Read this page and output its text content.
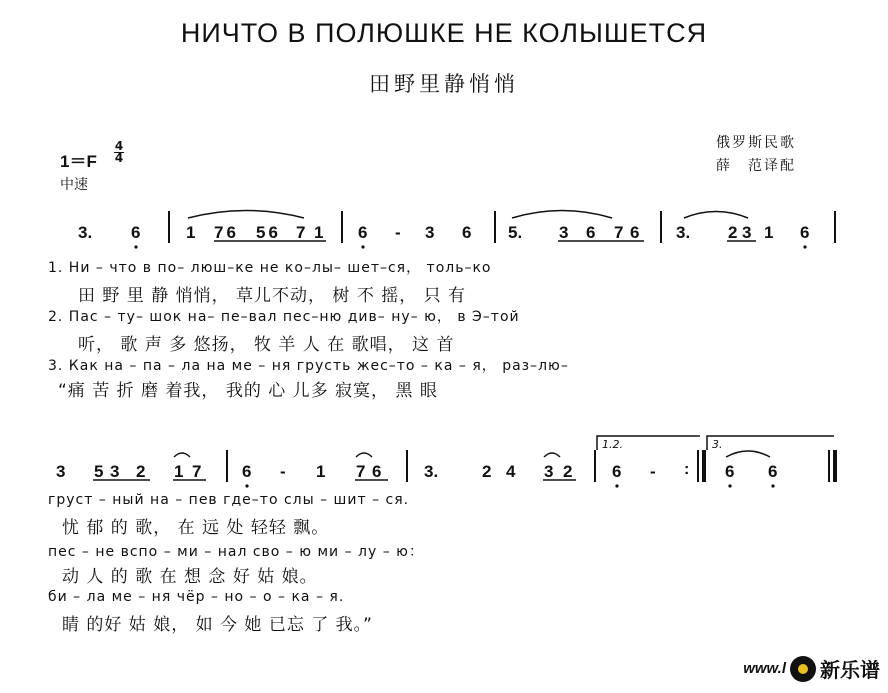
НИЧТО В ПОЛЮШКЕ НЕ КОЛЫШЕТСЯ
田野里静悄悄
俄罗斯民歌
薛　范译配
1＝F
4
4
中速
3. 6	1 76 56 7 1 6 - 3 6 5. 3 6 7 6 3. 2 3 1 6
1. Ни – что в по– люш–ке не ко–лы– шет–ся， толь–ко
田 野 里 静 悄悄， 草儿不动， 树 不 摇， 只 有
2. Пас – ту– шок на– пе–вал пес–ню див– ну– ю， в Э–той
听， 歌 声 多 悠扬， 牧 羊 人 在 歌唱， 这 首
3. Как на – па – ла на ме – ня грусть жес–то – ка – я， раз–лю–
“痛 苦 折 磨 着我， 我的 心 儿多 寂寞， 黑 眼
3 5 3 2 1 7 6 - 1 7 6	3.	2 4 3 2 6 - : 6 6
1.2.	3.
груст – ный на – пев где–то слы – шит – ся.
忧 郁 的 歌， 在 远 处 轻轻 飘。
пес – не вспо – ми – нал сво – ю ми – лу – ю：
动 人 的 歌 在 想 念 好 姑 娘。
би – ла ме – ня чёр – но – о – ка – я.
睛 的好 姑 娘， 如 今 她 已忘 了 我。”
www.l 新乐谱
